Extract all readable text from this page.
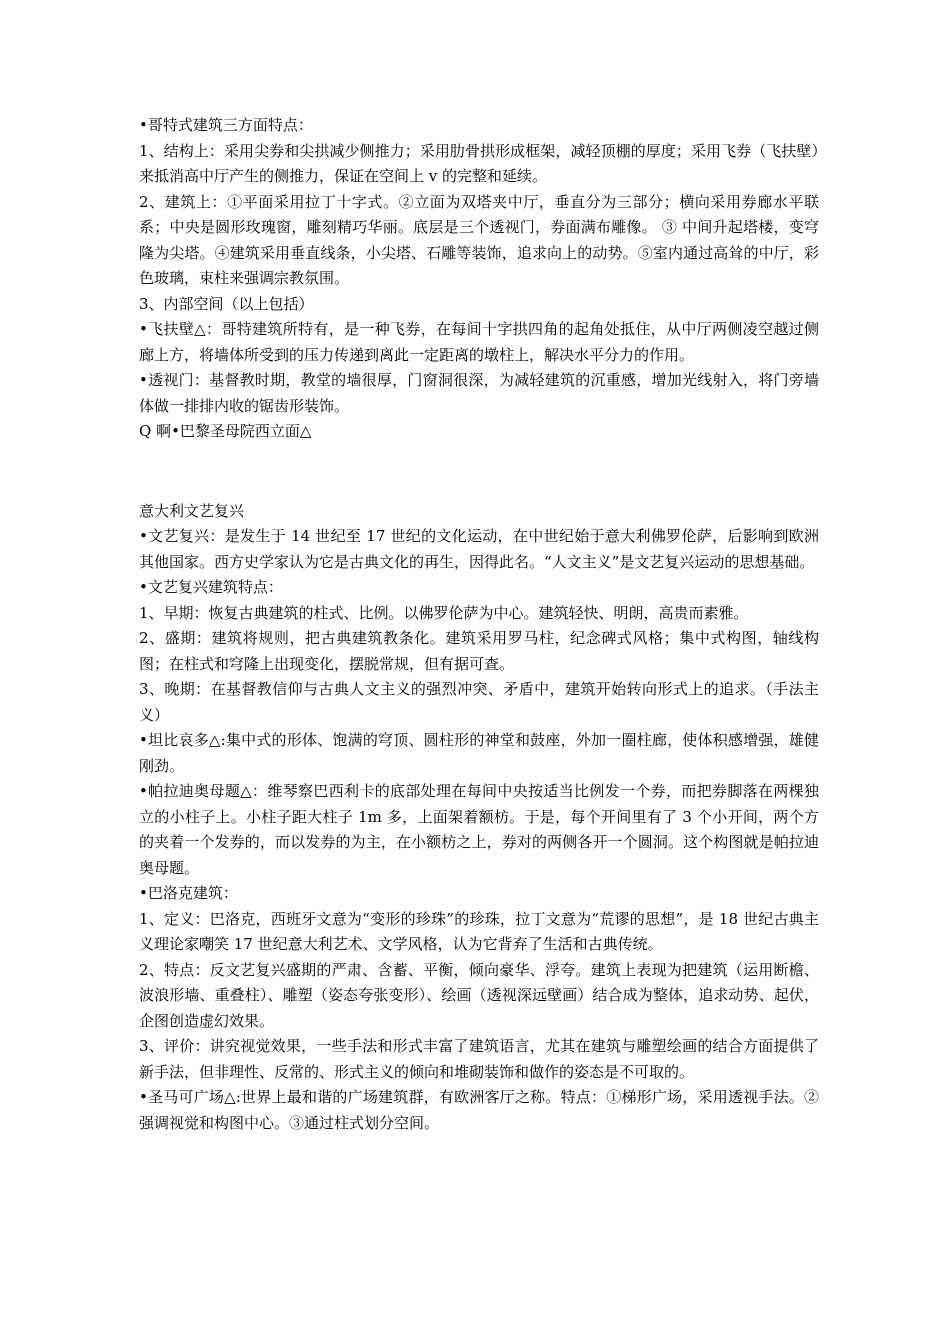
•哥特式建筑三方面特点：

1、结构上：采用尖券和尖拱减少侧推力；采用肋骨拱形成框架，减轻顶棚的厚度；采用飞券（飞扶壁）来抵消高中厅产生的侧推力，保证在空间上 v 的完整和延续。

2、建筑上：①平面采用拉丁十字式。②立面为双塔夹中厅，垂直分为三部分；横向采用券廊水平联系；中央是圆形玫瑰窗，雕刻精巧华丽。底层是三个透视门，券面满布雕像。 ③ 中间升起塔楼，变穹隆为尖塔。④建筑采用垂直线条，小尖塔、石雕等装饰，追求向上的动势。⑤室内通过高耸的中厅，彩色玻璃，束柱来强调宗教氛围。

3、内部空间（以上包括）

•飞扶壁△：哥特建筑所特有，是一种飞券，在每间十字拱四角的起角处抵住，从中厅两侧凌空越过侧廊上方，将墙体所受到的压力传递到离此一定距离的墩柱上，解决水平分力的作用。

•透视门：基督教时期，教堂的墙很厚，门窗洞很深，为减轻建筑的沉重感，增加光线射入，将门旁墙体做一排排内收的锯齿形装饰。

Q 啊•巴黎圣母院西立面△

意大利文艺复兴

•文艺复兴：是发生于 14 世纪至 17 世纪的文化运动，在中世纪始于意大利佛罗伦萨，后影响到欧洲其他国家。西方史学家认为它是古典文化的再生，因得此名。“人文主义”是文艺复兴运动的思想基础。

•文艺复兴建筑特点：

1、早期：恢复古典建筑的柱式、比例。以佛罗伦萨为中心。建筑轻快、明朗，高贵而素雅。

2、盛期：建筑将规则，把古典建筑教条化。建筑采用罗马柱，纪念碑式风格；集中式构图，轴线构图；在柱式和穹隆上出现变化，摆脱常规，但有据可查。

3、晚期：在基督教信仰与古典人文主义的强烈冲突、矛盾中，建筑开始转向形式上的追求。（手法主义）

•坦比哀多△:集中式的形体、饱满的穹顶、圆柱形的神堂和鼓座，外加一圈柱廊，使体积感增强，雄健刚劲。

•帕拉迪奥母题△：维琴察巴西利卡的底部处理在每间中央按适当比例发一个券，而把券脚落在两棵独立的小柱子上。小柱子距大柱子 1m 多，上面架着额枋。于是，每个开间里有了 3 个小开间，两个方的夹着一个发券的，而以发券的为主，在小额枋之上，券对的两侧各开一个圆洞。这个构图就是帕拉迪奥母题。

•巴洛克建筑：

1、定义：巴洛克，西班牙文意为“变形的珍珠”的珍珠，拉丁文意为“荒谬的思想”，是 18 世纪古典主义理论家嘲笑 17 世纪意大利艺术、文学风格，认为它背弃了生活和古典传统。

2、特点：反文艺复兴盛期的严肃、含蓄、平衡，倾向豪华、浮夸。建筑上表现为把建筑（运用断檐、波浪形墙、重叠柱）、雕塑（姿态夸张变形）、绘画（透视深远壁画）结合成为整体，追求动势、起伏，企图创造虚幻效果。

3、评价：讲究视觉效果，一些手法和形式丰富了建筑语言，尤其在建筑与雕塑绘画的结合方面提供了新手法，但非理性、反常的、形式主义的倾向和堆砌装饰和做作的姿态是不可取的。

•圣马可广场△:世界上最和谐的广场建筑群，有欧洲客厅之称。特点：①梯形广场，采用透视手法。②强调视觉和构图中心。③通过柱式划分空间。
